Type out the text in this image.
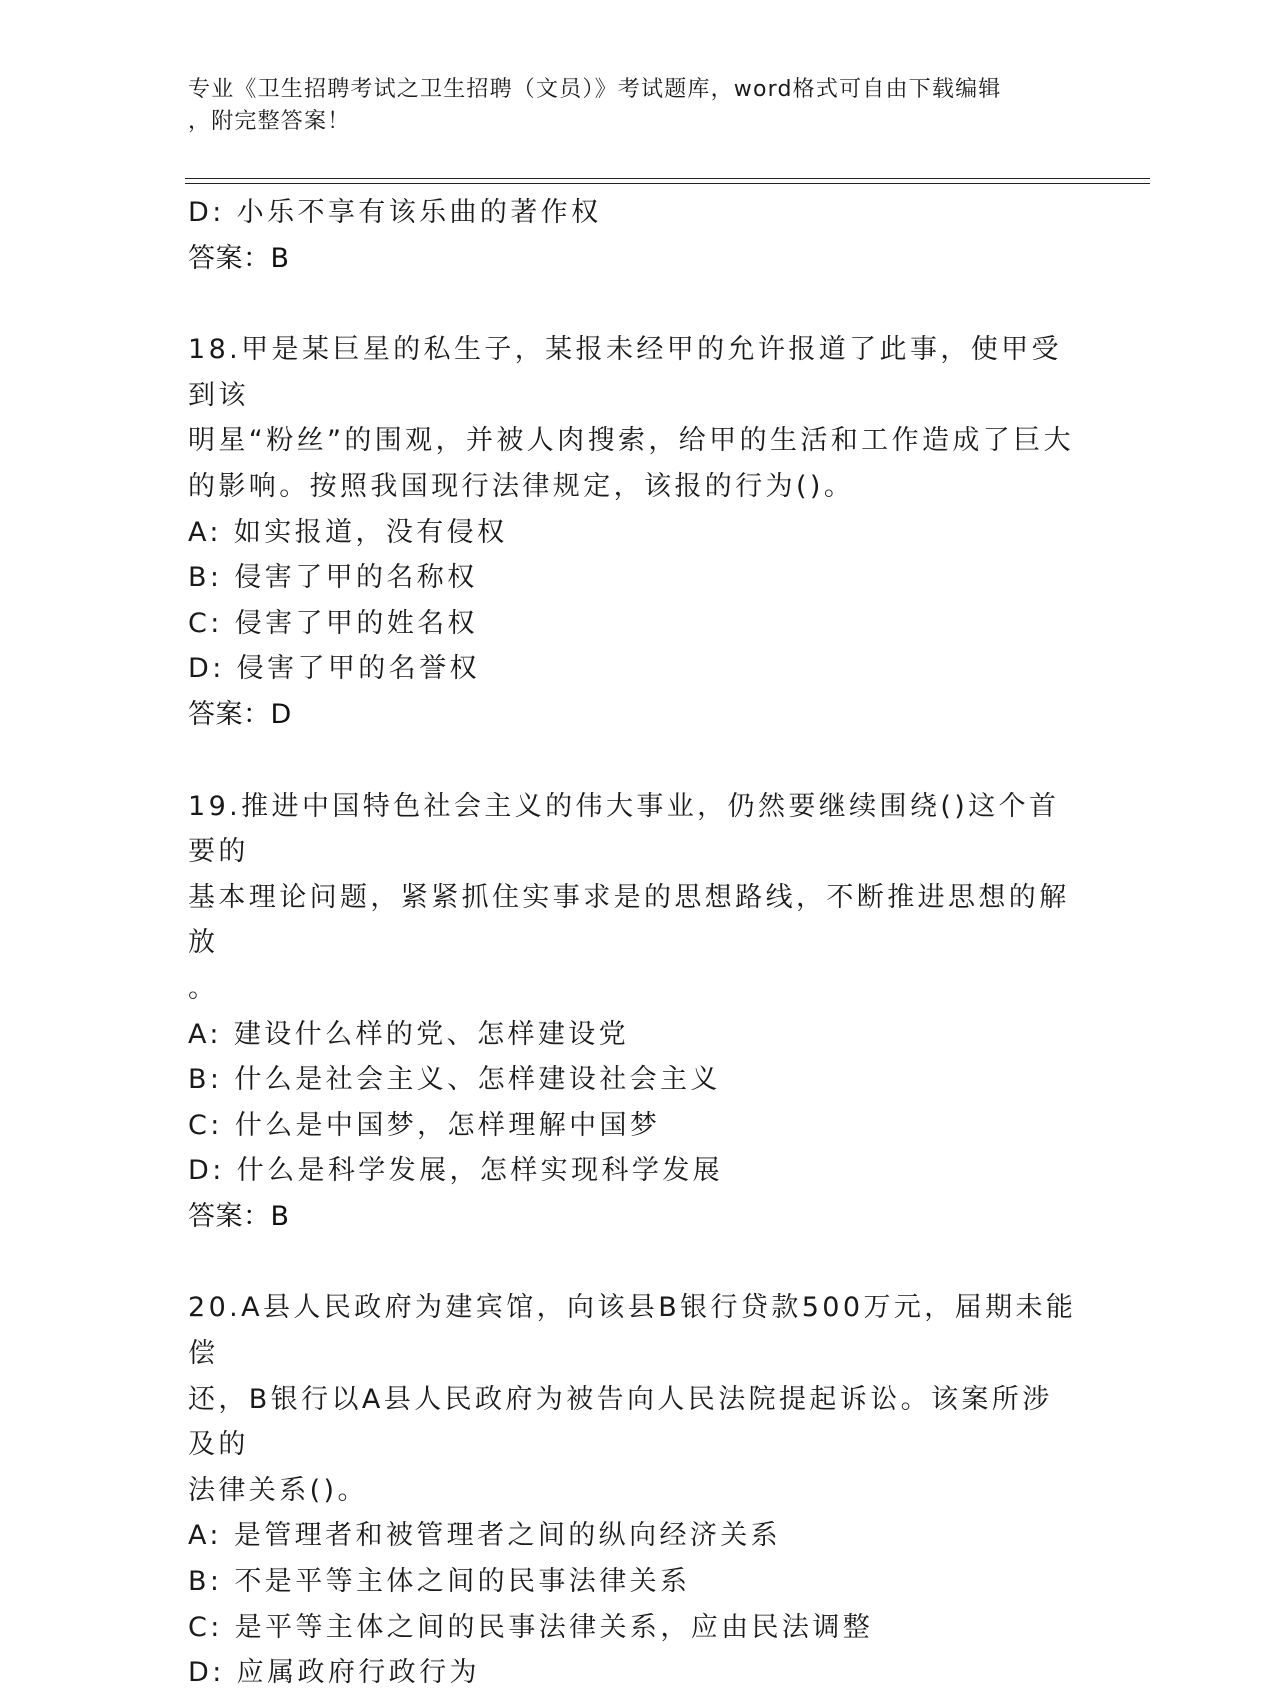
专业《卫生招聘考试之卫生招聘（文员）》考试题库，word格式可自由下载编辑
，附完整答案！
D: 小乐不享有该乐曲的著作权
答案：B
18.甲是某巨星的私生子，某报未经甲的允许报道了此事，使甲受到该
明星“粉丝”的围观，并被人肉搜索，给甲的生活和工作造成了巨大
的影响。按照我国现行法律规定，该报的行为()。
A: 如实报道，没有侵权
B: 侵害了甲的名称权
C: 侵害了甲的姓名权
D: 侵害了甲的名誉权
答案：D
19.推进中国特色社会主义的伟大事业，仍然要继续围绕()这个首要的
基本理论问题，紧紧抓住实事求是的思想路线，不断推进思想的解放
。
A: 建设什么样的党、怎样建设党
B: 什么是社会主义、怎样建设社会主义
C: 什么是中国梦，怎样理解中国梦
D: 什么是科学发展，怎样实现科学发展
答案：B
20.A县人民政府为建宾馆，向该县B银行贷款500万元，届期未能偿
还，B银行以A县人民政府为被告向人民法院提起诉讼。该案所涉及的
法律关系()。
A: 是管理者和被管理者之间的纵向经济关系
B: 不是平等主体之间的民事法律关系
C: 是平等主体之间的民事法律关系，应由民法调整
D: 应属政府行政行为
